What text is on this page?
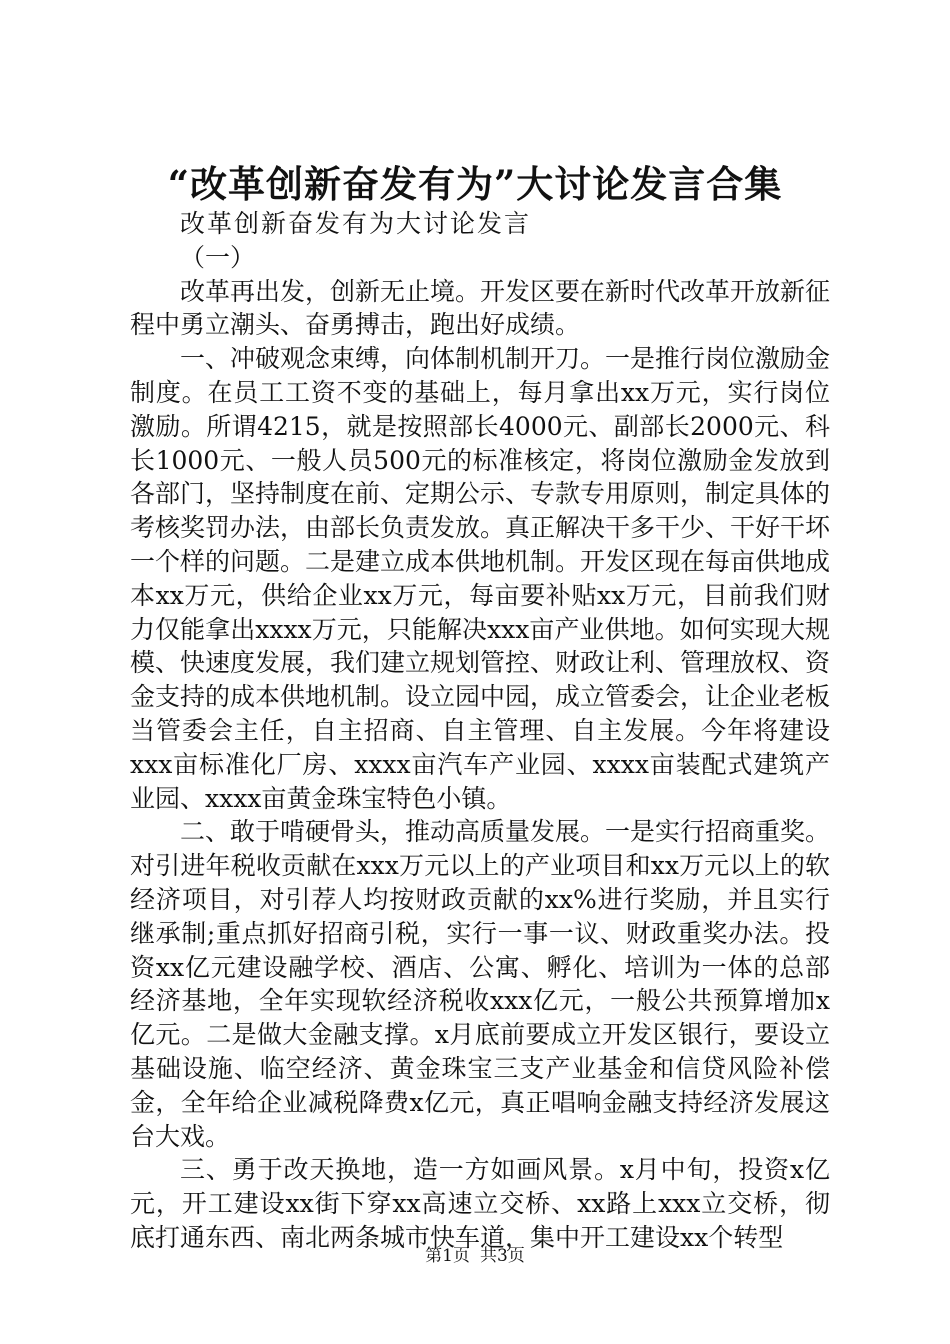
“改革创新奋发有为”大讨论发言合集

改革创新奋发有为大讨论发言

（一）

改革再出发，创新无止境。开发区要在新时代改革开放新征程中勇立潮头、奋勇搏击，跑出好成绩。

一、冲破观念束缚，向体制机制开刀。一是推行岗位激励金制度。在员工工资不变的基础上，每月拿出xx万元，实行岗位激励。所谓4215，就是按照部长4000元、副部长2000元、科长1000元、一般人员500元的标准核定，将岗位激励金发放到各部门，坚持制度在前、定期公示、专款专用原则，制定具体的考核奖罚办法，由部长负责发放。真正解决干多干少、干好干坏一个样的问题。二是建立成本供地机制。开发区现在每亩供地成本xx万元，供给企业xx万元，每亩要补贴xx万元，目前我们财力仅能拿出xxxx万元，只能解决xxx亩产业供地。如何实现大规模、快速度发展，我们建立规划管控、财政让利、管理放权、资金支持的成本供地机制。设立园中园，成立管委会，让企业老板当管委会主任，自主招商、自主管理、自主发展。今年将建设xxx亩标准化厂房、xxxx亩汽车产业园、xxxx亩装配式建筑产业园、xxxx亩黄金珠宝特色小镇。

二、敢于啃硬骨头，推动高质量发展。一是实行招商重奖。对引进年税收贡献在xxx万元以上的产业项目和xx万元以上的软经济项目，对引荐人均按财政贡献的xx%进行奖励，并且实行继承制;重点抓好招商引税，实行一事一议、财政重奖办法。投资xx亿元建设融学校、酒店、公寓、孵化、培训为一体的总部经济基地，全年实现软经济税收xxx亿元，一般公共预算增加x亿元。二是做大金融支撑。x月底前要成立开发区银行，要设立基础设施、临空经济、黄金珠宝三支产业基金和信贷风险补偿金，全年给企业减税降费x亿元，真正唱响金融支持经济发展这台大戏。

三、勇于改天换地，造一方如画风景。x月中旬，投资x亿元，开工建设xx街下穿xx高速立交桥、xx路上xxx立交桥，彻底打通东西、南北两条城市快车道，集中开工建设xx个转型

第1页 共3页
